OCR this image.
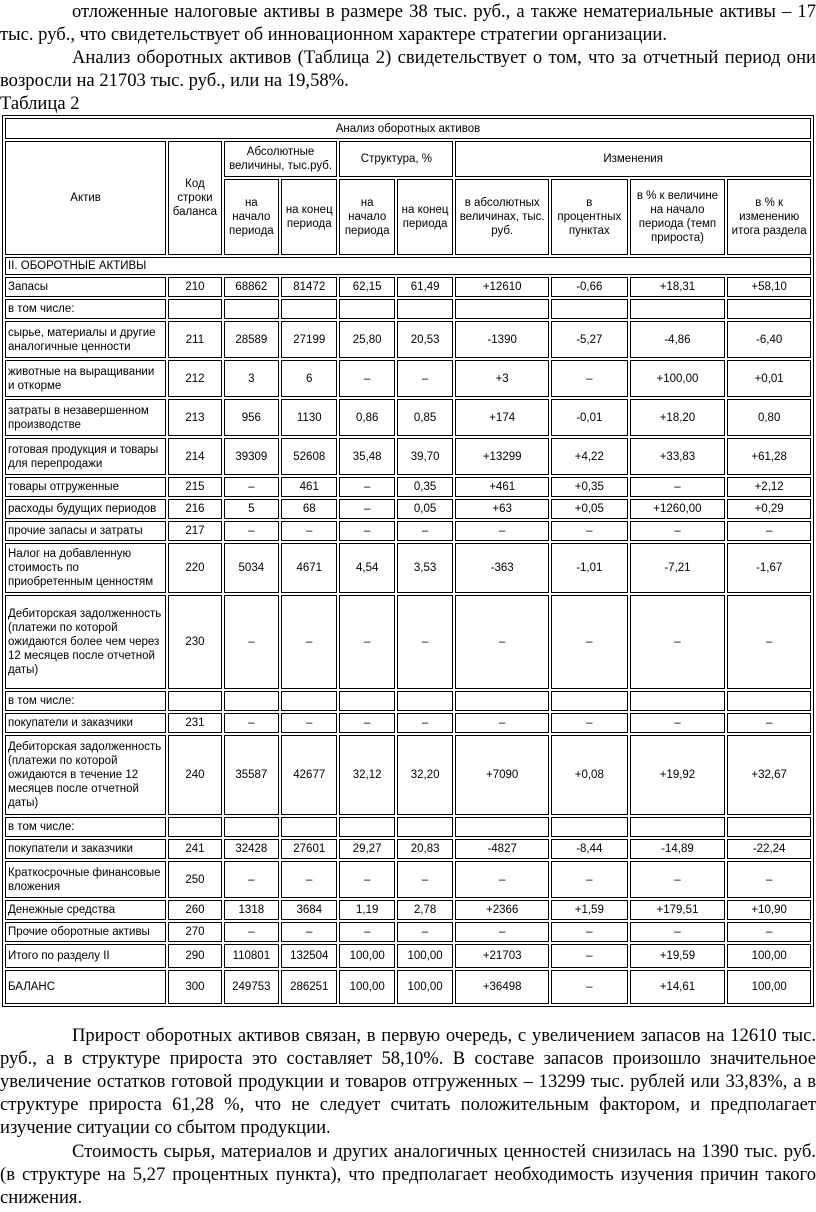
отложенные налоговые активы в размере 38 тыс. руб., а также нематериальные активы – 17 тыс. руб., что свидетельствует об инновационном характере стратегии организации.

Анализ оборотных активов (Таблица 2) свидетельствует о том, что за отчетный период они возросли на 21703 тыс. руб., или на 19,58%.

Таблица 2

Анализ оборотных активов									
Актив	Код строки баланса	Абсолютные величины, тыс.руб.		Структура, %		Изменения			
		на начало периода	на конец периода	на начало периода	на конец периода	в абсолютных величинах, тыс. руб.	в процентных пунктах	в % к величине на начало периода (темп прироста)	в % к изменению итога раздела
II. ОБОРОТНЫЕ АКТИВЫ									
Запасы	210	68862	81472	62,15	61,49	+12610	-0,66	+18,31	+58,10
в том числе:									
сырье, материалы и другие аналогичные ценности	211	28589	27199	25,80	20,53	-1390	-5,27	-4,86	-6,40
животные на выращивании и откорме	212	3	6	–	–	+3	–	+100,00	+0,01
затраты в незавершенном производстве	213	956	1130	0,86	0,85	+174	-0,01	+18,20	0,80
готовая продукция и товары для перепродажи	214	39309	52608	35,48	39,70	+13299	+4,22	+33,83	+61,28
товары отгруженные	215	–	461	–	0,35	+461	+0,35	–	+2,12
расходы будущих периодов	216	5	68	–	0,05	+63	+0,05	+1260,00	+0,29
прочие запасы и затраты	217	–	–	–	–	–	–	–	–
Налог на добавленную стоимость по приобретенным ценностям	220	5034	4671	4,54	3,53	-363	-1,01	-7,21	-1,67
Дебиторская задолженность (платежи по которой ожидаются более чем через 12 месяцев после отчетной даты)	230	–	–	–	–	–	–	–	–
в том числе:									
покупатели и заказчики	231	–	–	–	–	–	–	–	–
Дебиторская задолженность (платежи по которой ожидаются в течение 12 месяцев после отчетной даты)	240	35587	42677	32,12	32,20	+7090	+0,08	+19,92	+32,67
в том числе:									
покупатели и заказчики	241	32428	27601	29,27	20,83	-4827	-8,44	-14,89	-22,24
Краткосрочные финансовые вложения	250	–	–	–	–	–	–	–	–
Денежные средства	260	1318	3684	1,19	2,78	+2366	+1,59	+179,51	+10,90
Прочие оборотные активы	270	–	–	–	–	–	–	–	–
Итого по разделу II	290	110801	132504	100,00	100,00	+21703	–	+19,59	100,00
БАЛАНС	300	249753	286251	100,00	100,00	+36498	–	+14,61	100,00

Прирост оборотных активов связан, в первую очередь, с увеличением запасов на 12610 тыс. руб., а в структуре прироста это составляет 58,10%. В составе запасов произошло значительное увеличение остатков готовой продукции и товаров отгруженных – 13299 тыс. рублей или 33,83%, а в структуре прироста 61,28 %, что не следует считать положительным фактором, и предполагает изучение ситуации со сбытом продукции.

Стоимость сырья, материалов и других аналогичных ценностей снизилась на 1390 тыс. руб. (в структуре на 5,27 процентных пункта), что предполагает необходимость изучения причин такого снижения.
